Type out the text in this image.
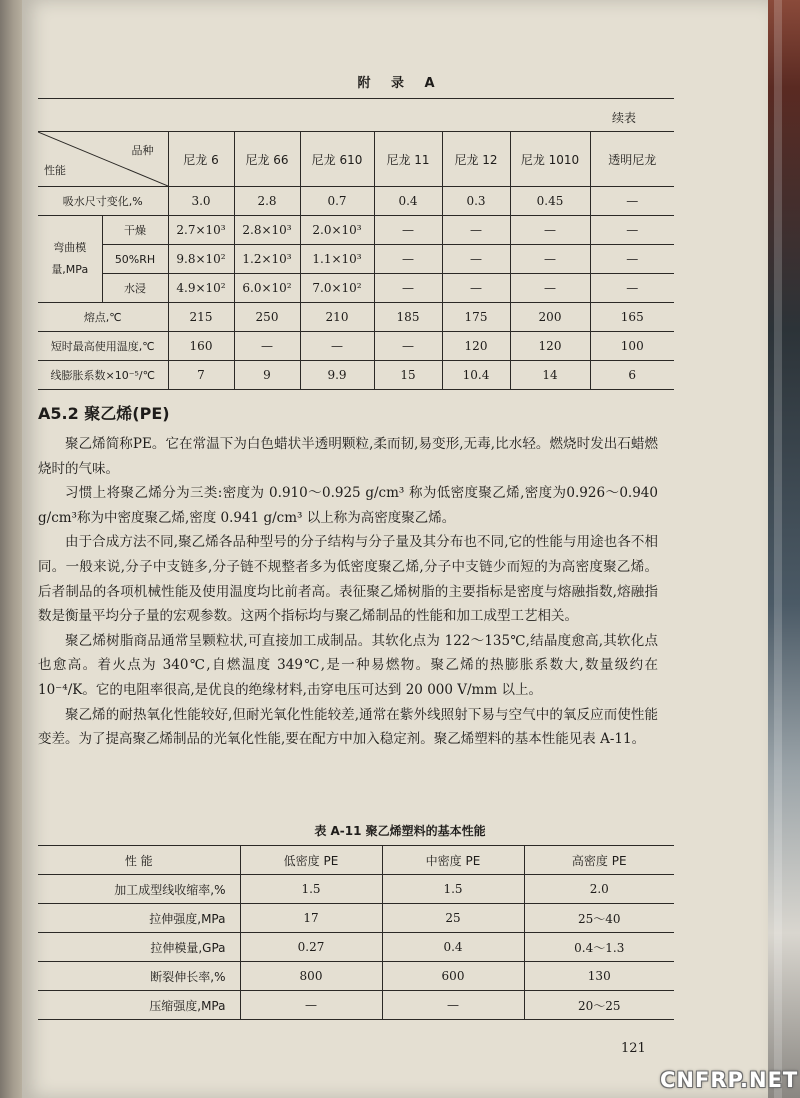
附 录 A
续表
品种
性能		尼龙 6	尼龙 66	尼龙 610	尼龙 11	尼龙 12	尼龙 1010	透明尼龙
吸水尺寸变化,%		3.0	2.8	0.7	0.4	0.3	0.45	—
弯曲模量,MPa	干燥	2.7×10³	2.8×10³	2.0×10³	—	—	—	—
	50%RH	9.8×10²	1.2×10³	1.1×10³	—	—	—	—
	水浸	4.9×10²	6.0×10²	7.0×10²	—	—	—	—
熔点,℃		215	250	210	185	175	200	165
短时最高使用温度,℃		160	—	—	—	120	120	100
线膨胀系数×10⁻⁵/℃		7	9	9.9	15	10.4	14	6
A5.2 聚乙烯(PE)

聚乙烯简称PE。它在常温下为白色蜡状半透明颗粒,柔而韧,易变形,无毒,比水轻。燃烧时发出石蜡燃烧时的气味。

习惯上将聚乙烯分为三类:密度为 0.910～0.925 g/cm³ 称为低密度聚乙烯,密度为0.926～0.940 g/cm³称为中密度聚乙烯,密度 0.941 g/cm³ 以上称为高密度聚乙烯。

由于合成方法不同,聚乙烯各品种型号的分子结构与分子量及其分布也不同,它的性能与用途也各不相同。一般来说,分子中支链多,分子链不规整者多为低密度聚乙烯,分子中支链少而短的为高密度聚乙烯。后者制品的各项机械性能及使用温度均比前者高。表征聚乙烯树脂的主要指标是密度与熔融指数,熔融指数是衡量平均分子量的宏观参数。这两个指标均与聚乙烯制品的性能和加工成型工艺相关。

聚乙烯树脂商品通常呈颗粒状,可直接加工成制品。其软化点为 122～135℃,结晶度愈高,其软化点也愈高。着火点为 340℃,自燃温度 349℃,是一种易燃物。聚乙烯的热膨胀系数大,数量级约在 10⁻⁴/K。它的电阻率很高,是优良的绝缘材料,击穿电压可达到 20 000 V/mm 以上。

聚乙烯的耐热氧化性能较好,但耐光氧化性能较差,通常在紫外线照射下易与空气中的氧反应而使性能变差。为了提高聚乙烯制品的光氧化性能,要在配方中加入稳定剂。聚乙烯塑料的基本性能见表 A-11。

表 A-11 聚乙烯塑料的基本性能
性 能	低密度 PE	中密度 PE	高密度 PE
加工成型线收缩率,%	1.5	1.5	2.0
拉伸强度,MPa	17	25	25～40
拉伸模量,GPa	0.27	0.4	0.4～1.3
断裂伸长率,%	800	600	130
压缩强度,MPa	—	—	20～25
121
CNFRP.NET
